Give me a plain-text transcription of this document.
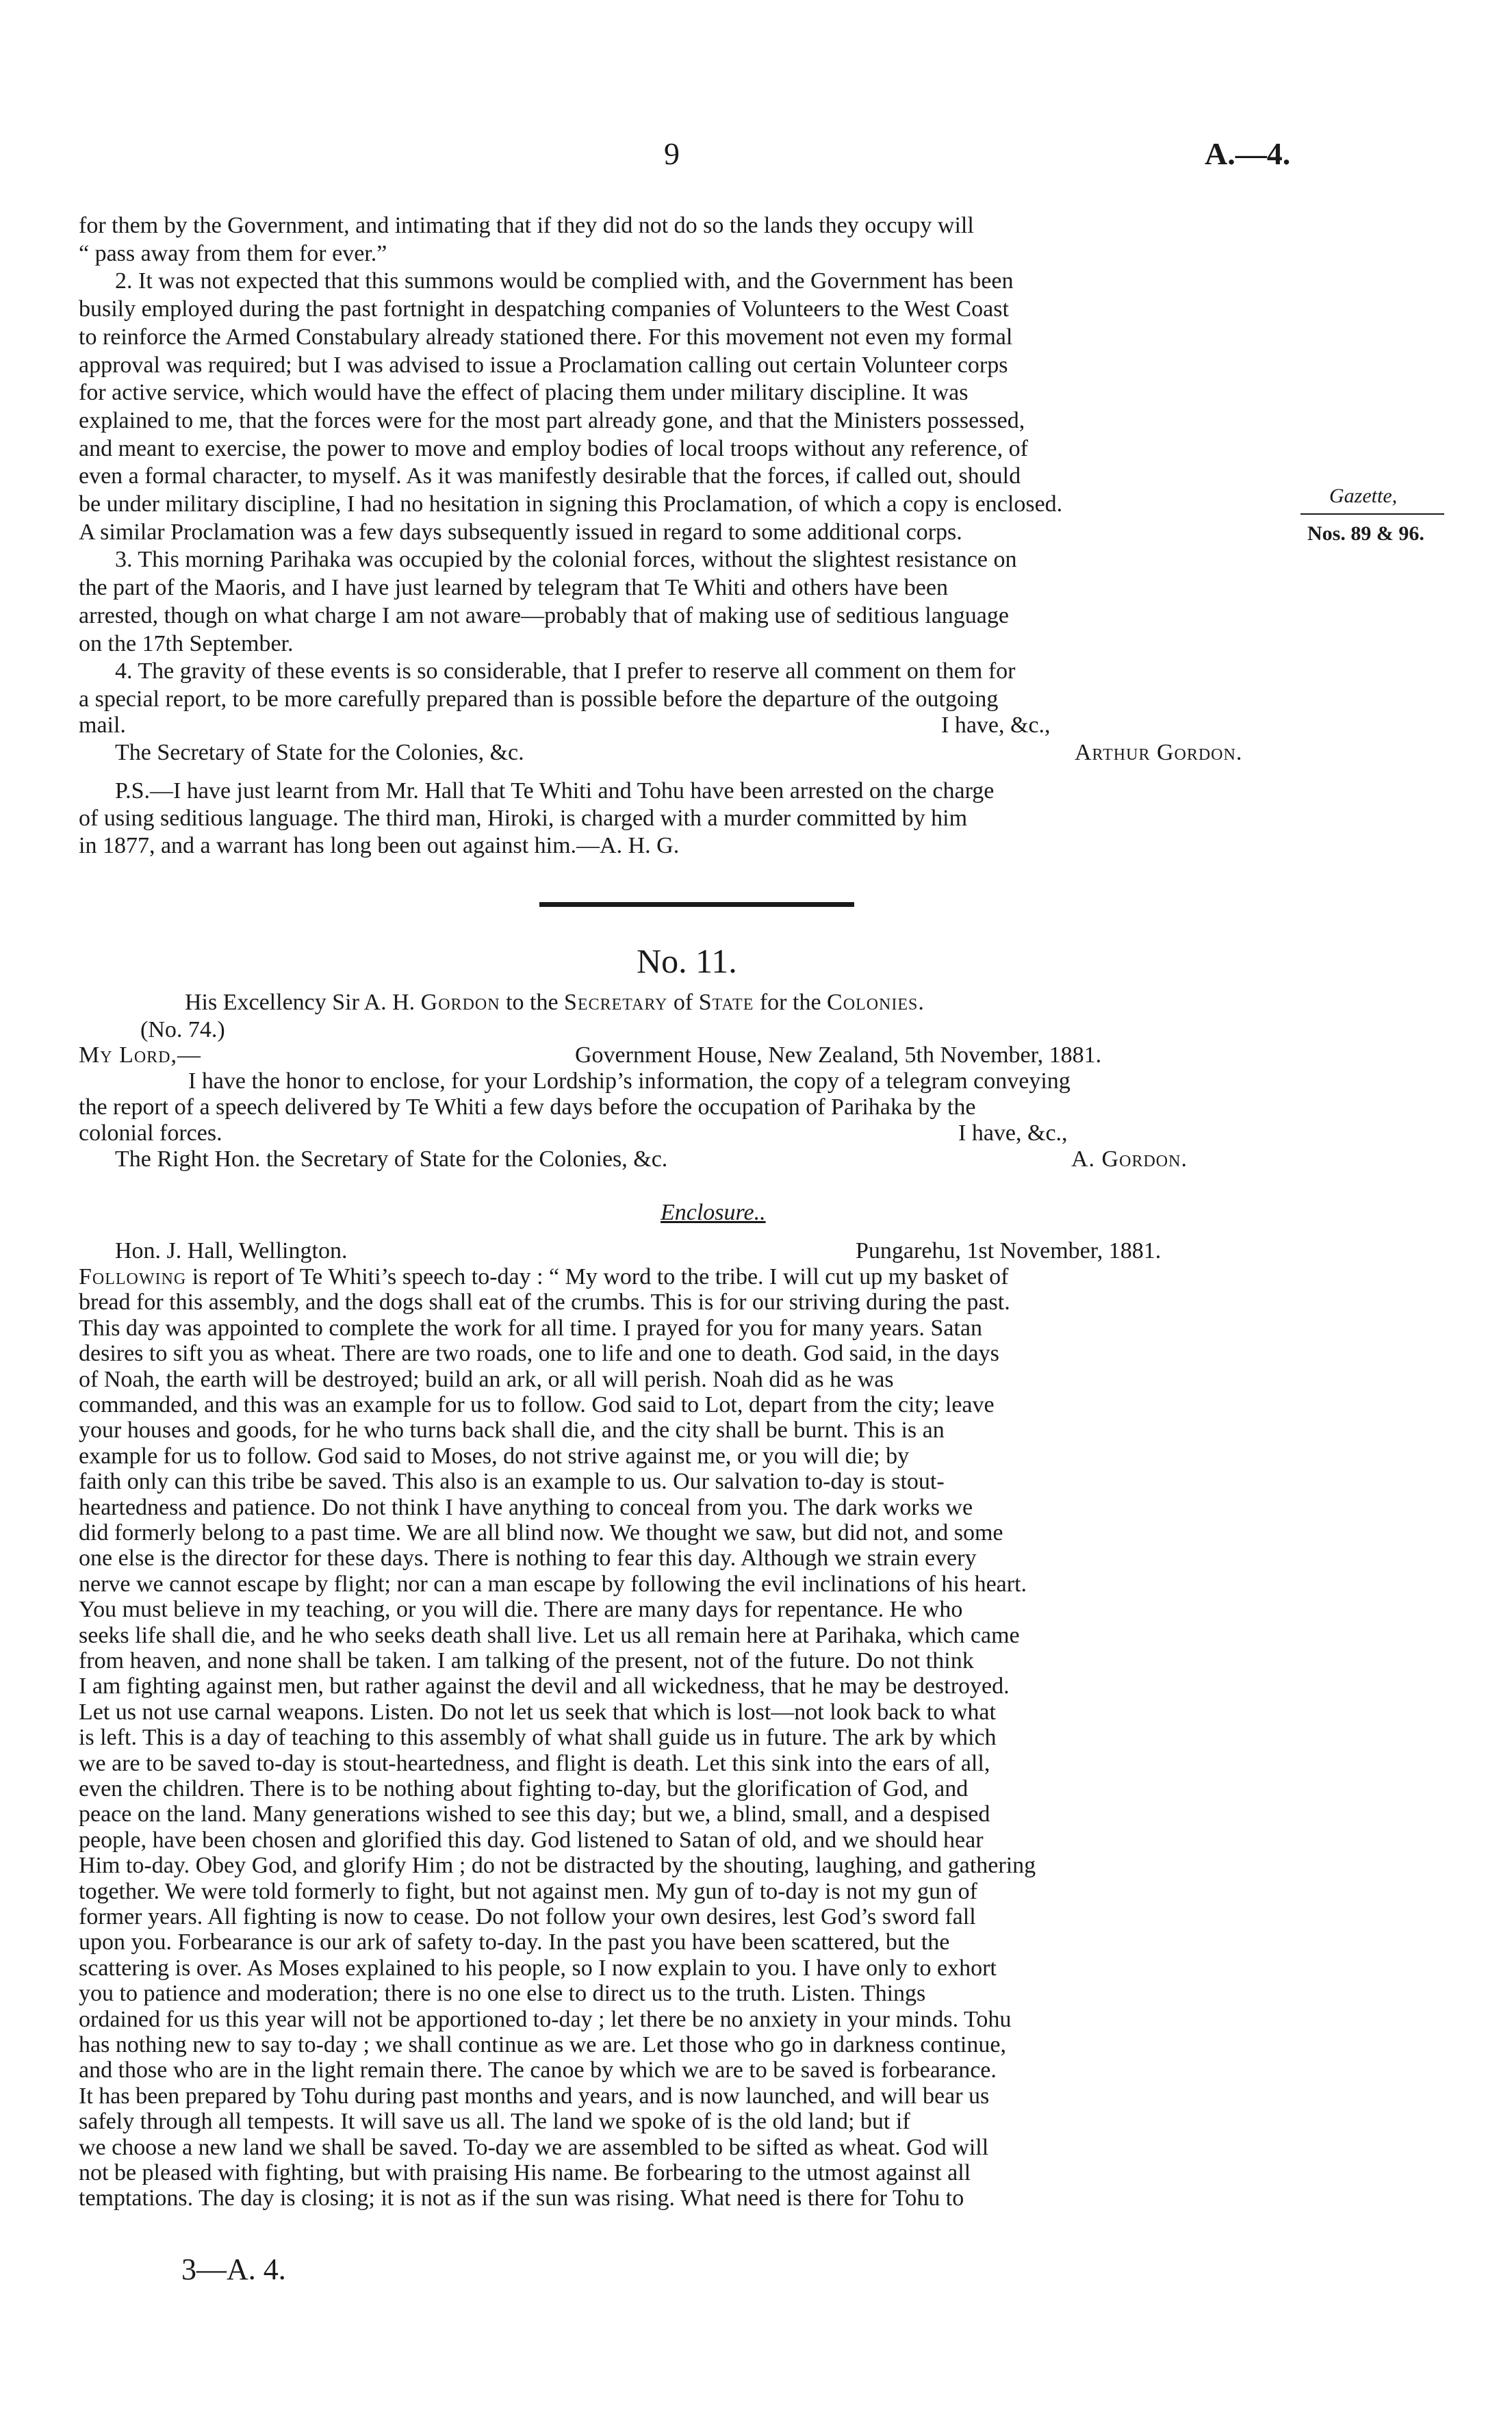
9	A.—4.
Gazette,
Nos. 89 & 96.
for them by the Government, and intimating that if they did not do so the lands they occupy will
“ pass away from them for ever.”
2. It was not expected that this summons would be complied with, and the Government has been
busily employed during the past fortnight in despatching companies of Volunteers to the West Coast
to reinforce the Armed Constabulary already stationed there. For this movement not even my formal
approval was required; but I was advised to issue a Proclamation calling out certain Volunteer corps
for active service, which would have the effect of placing them under military discipline. It was
explained to me, that the forces were for the most part already gone, and that the Ministers possessed,
and meant to exercise, the power to move and employ bodies of local troops without any reference, of
even a formal character, to myself. As it was manifestly desirable that the forces, if called out, should
be under military discipline, I had no hesitation in signing this Proclamation, of which a copy is enclosed.
A similar Proclamation was a few days subsequently issued in regard to some additional corps.
3. This morning Parihaka was occupied by the colonial forces, without the slightest resistance on
the part of the Maoris, and I have just learned by telegram that Te Whiti and others have been
arrested, though on what charge I am not aware—probably that of making use of seditious language
on the 17th September.
4. The gravity of these events is so considerable, that I prefer to reserve all comment on them for
a special report, to be more carefully prepared than is possible before the departure of the outgoing
mail.	I have, &c.,
The Secretary of State for the Colonies, &c.	Arthur Gordon.
P.S.—I have just learnt from Mr. Hall that Te Whiti and Tohu have been arrested on the charge
of using seditious language. The third man, Hiroki, is charged with a murder committed by him
in 1877, and a warrant has long been out against him.—A. H. G.
No. 11.
His Excellency Sir A. H. Gordon to the Secretary of State for the Colonies.
(No. 74.)
My Lord,—	Government House, New Zealand, 5th November, 1881.
I have the honor to enclose, for your Lordship’s information, the copy of a telegram conveying
the report of a speech delivered by Te Whiti a few days before the occupation of Parihaka by the
colonial forces.	I have, &c.,
The Right Hon. the Secretary of State for the Colonies, &c.	A. Gordon.
Enclosure..
Hon. J. Hall, Wellington.	Pungarehu, 1st November, 1881.
Following is report of Te Whiti’s speech to-day : “ My word to the tribe. I will cut up my basket of
bread for this assembly, and the dogs shall eat of the crumbs. This is for our striving during the past.
This day was appointed to complete the work for all time. I prayed for you for many years. Satan
desires to sift you as wheat. There are two roads, one to life and one to death. God said, in the days
of Noah, the earth will be destroyed; build an ark, or all will perish. Noah did as he was
commanded, and this was an example for us to follow. God said to Lot, depart from the city; leave
your houses and goods, for he who turns back shall die, and the city shall be burnt. This is an
example for us to follow. God said to Moses, do not strive against me, or you will die; by
faith only can this tribe be saved. This also is an example to us. Our salvation to-day is stout-
heartedness and patience. Do not think I have anything to conceal from you. The dark works we
did formerly belong to a past time. We are all blind now. We thought we saw, but did not, and some
one else is the director for these days. There is nothing to fear this day. Although we strain every
nerve we cannot escape by flight; nor can a man escape by following the evil inclinations of his heart.
You must believe in my teaching, or you will die. There are many days for repentance. He who
seeks life shall die, and he who seeks death shall live. Let us all remain here at Parihaka, which came
from heaven, and none shall be taken. I am talking of the present, not of the future. Do not think
I am fighting against men, but rather against the devil and all wickedness, that he may be destroyed.
Let us not use carnal weapons. Listen. Do not let us seek that which is lost—not look back to what
is left. This is a day of teaching to this assembly of what shall guide us in future. The ark by which
we are to be saved to-day is stout-heartedness, and flight is death. Let this sink into the ears of all,
even the children. There is to be nothing about fighting to-day, but the glorification of God, and
peace on the land. Many generations wished to see this day; but we, a blind, small, and a despised
people, have been chosen and glorified this day. God listened to Satan of old, and we should hear
Him to-day. Obey God, and glorify Him ; do not be distracted by the shouting, laughing, and gathering
together. We were told formerly to fight, but not against men. My gun of to-day is not my gun of
former years. All fighting is now to cease. Do not follow your own desires, lest God’s sword fall
upon you. Forbearance is our ark of safety to-day. In the past you have been scattered, but the
scattering is over. As Moses explained to his people, so I now explain to you. I have only to exhort
you to patience and moderation; there is no one else to direct us to the truth. Listen. Things
ordained for us this year will not be apportioned to-day ; let there be no anxiety in your minds. Tohu
has nothing new to say to-day ; we shall continue as we are. Let those who go in darkness continue,
and those who are in the light remain there. The canoe by which we are to be saved is forbearance.
It has been prepared by Tohu during past months and years, and is now launched, and will bear us
safely through all tempests. It will save us all. The land we spoke of is the old land; but if
we choose a new land we shall be saved. To-day we are assembled to be sifted as wheat. God will
not be pleased with fighting, but with praising His name. Be forbearing to the utmost against all
temptations. The day is closing; it is not as if the sun was rising. What need is there for Tohu to
3—A. 4.
